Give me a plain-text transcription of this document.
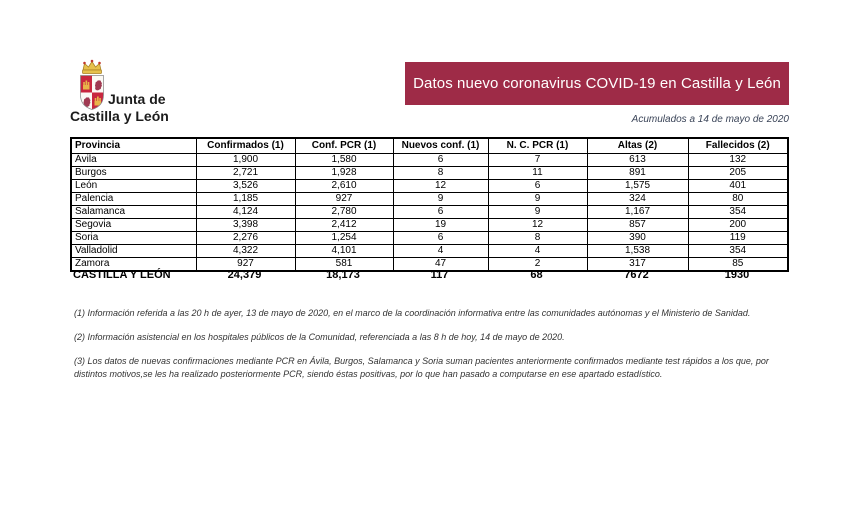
Junta de
Castilla y León
Datos nuevo coronavirus COVID-19 en Castilla y León
Acumulados a 14 de mayo de 2020
Provincia	Confirmados (1)	Conf. PCR (1)	Nuevos conf. (1)	N. C. PCR (1)	Altas (2)	Fallecidos (2)
Ávila	1,900	1,580	6	7	613	132
Burgos	2,721	1,928	8	11	891	205
León	3,526	2,610	12	6	1,575	401
Palencia	1,185	927	9	9	324	80
Salamanca	4,124	2,780	6	9	1,167	354
Segovia	3,398	2,412	19	12	857	200
Soria	2,276	1,254	6	8	390	119
Valladolid	4,322	4,101	4	4	1,538	354
Zamora	927	581	47	2	317	85
CASTILLA Y LEÓN	24,379	18,173	117	68	7672	1930

(1) Información referida a las 20 h de ayer, 13 de mayo de 2020, en el marco de la coordinación informativa entre las comunidades autónomas y el Ministerio de Sanidad.

(2) Información asistencial en los hospitales públicos de la Comunidad, referenciada a las 8 h de hoy, 14 de mayo de 2020.

(3) Los datos de nuevas confirmaciones mediante PCR en Ávila, Burgos, Salamanca y Soria suman pacientes anteriormente confirmados mediante test rápidos a los que, por distintos motivos,se les ha realizado posteriormente PCR, siendo éstas positivas, por lo que han pasado a computarse en ese apartado estadístico.
